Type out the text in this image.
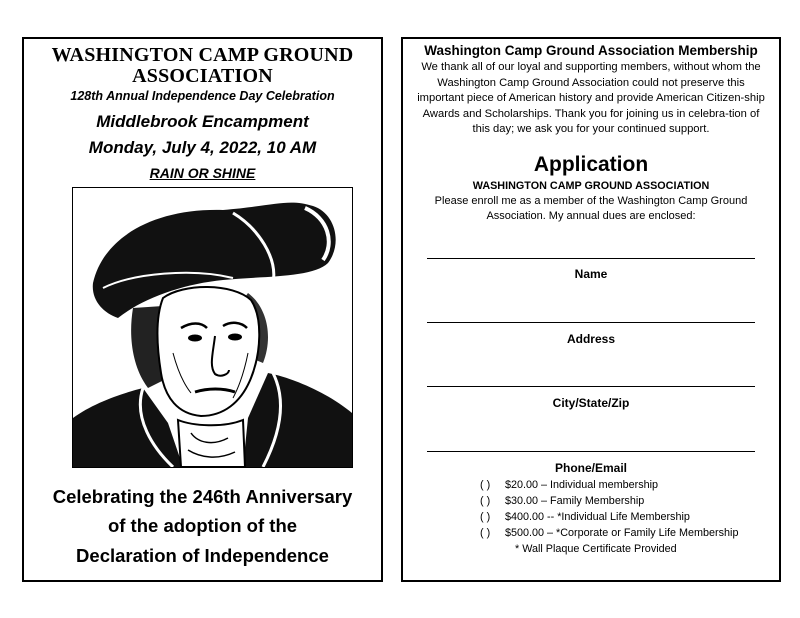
WASHINGTON CAMP GROUND
ASSOCIATION
128th Annual Independence Day Celebration
Middlebrook Encampment
Monday, July 4, 2022, 10 AM
RAIN OR SHINE
Celebrating the 246th Anniversary
of the adoption of the
Declaration of Independence
Washington Camp Ground Association Membership
We thank all of our loyal and supporting members, without whom the Washington Camp Ground Association could not preserve this important piece of American history and provide American Citizen-ship Awards and Scholarships. Thank you for joining us in celebra-tion of this day; we ask you for your continued support.
Application
WASHINGTON CAMP GROUND ASSOCIATION
Please enroll me as a member of the Washington Camp Ground Association. My annual dues are enclosed:
Name
Address
City/State/Zip
Phone/Email
( ) $20.00 – Individual membership
( ) $30.00 – Family Membership
( ) $400.00 -- *Individual Life Membership
( ) $500.00 – *Corporate or Family Life Membership
* Wall Plaque Certificate Provided
